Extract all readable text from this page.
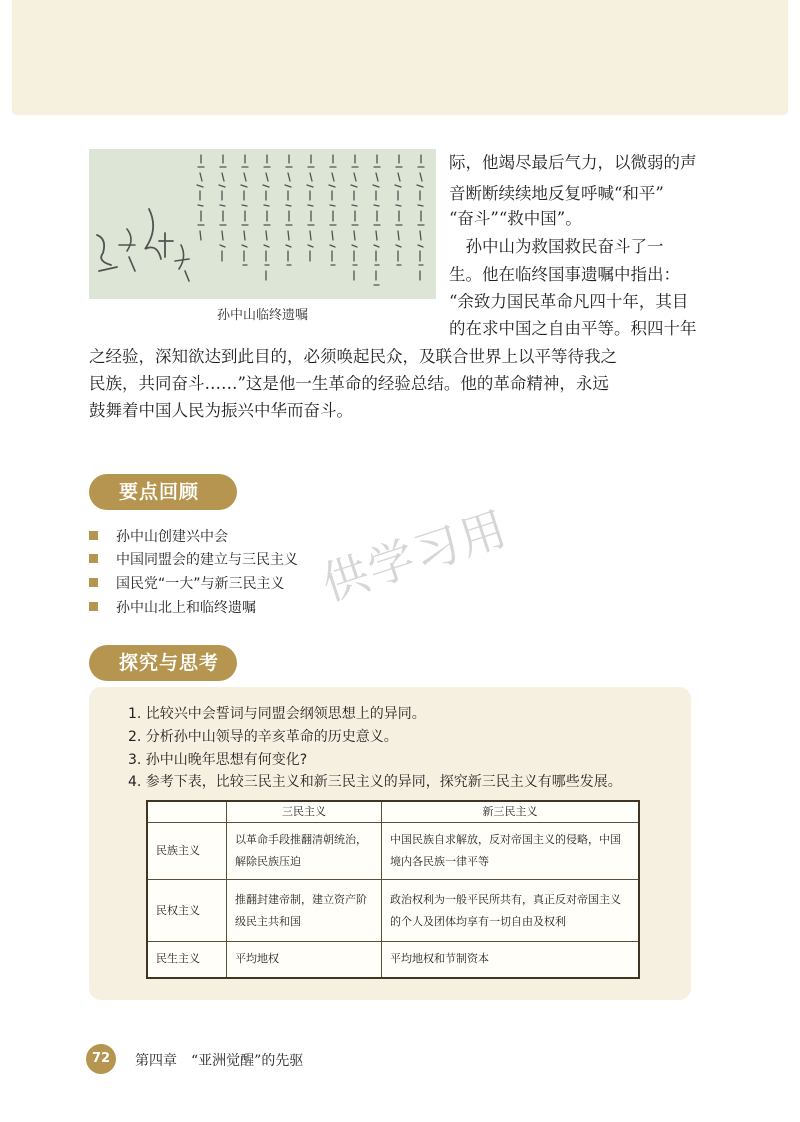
孙中山临终遗嘱
际，他竭尽最后气力，以微弱的声
音断断续续地反复呼喊“和平”
“奋斗”“救中国”。
　孙中山为救国救民奋斗了一
生。他在临终国事遗嘱中指出：
“余致力国民革命凡四十年，其目
的在求中国之自由平等。积四十年
之经验，深知欲达到此目的，必须唤起民众，及联合世界上以平等待我之
民族，共同奋斗……”这是他一生革命的经验总结。他的革命精神，永远
鼓舞着中国人民为振兴中华而奋斗。
要点回顾
孙中山创建兴中会
中国同盟会的建立与三民主义
国民党“一大”与新三民主义
孙中山北上和临终遗嘱 供学习用
探究与思考
1. 比较兴中会誓词与同盟会纲领思想上的异同。
2. 分析孙中山领导的辛亥革命的历史意义。
3. 孙中山晚年思想有何变化?
4. 参考下表，比较三民主义和新三民主义的异同，探究新三民主义有哪些发展。
	三民主义	新三民主义
民族主义	以革命手段推翻清朝统治，解除民族压迫	中国民族自求解放，反对帝国主义的侵略，中国境内各民族一律平等
民权主义	推翻封建帝制，建立资产阶级民主共和国	政治权利为一般平民所共有，真正反对帝国主义的个人及团体均享有一切自由及权利
民生主义	平均地权	平均地权和节制资本
72	第四章　“亚洲觉醒”的先驱
